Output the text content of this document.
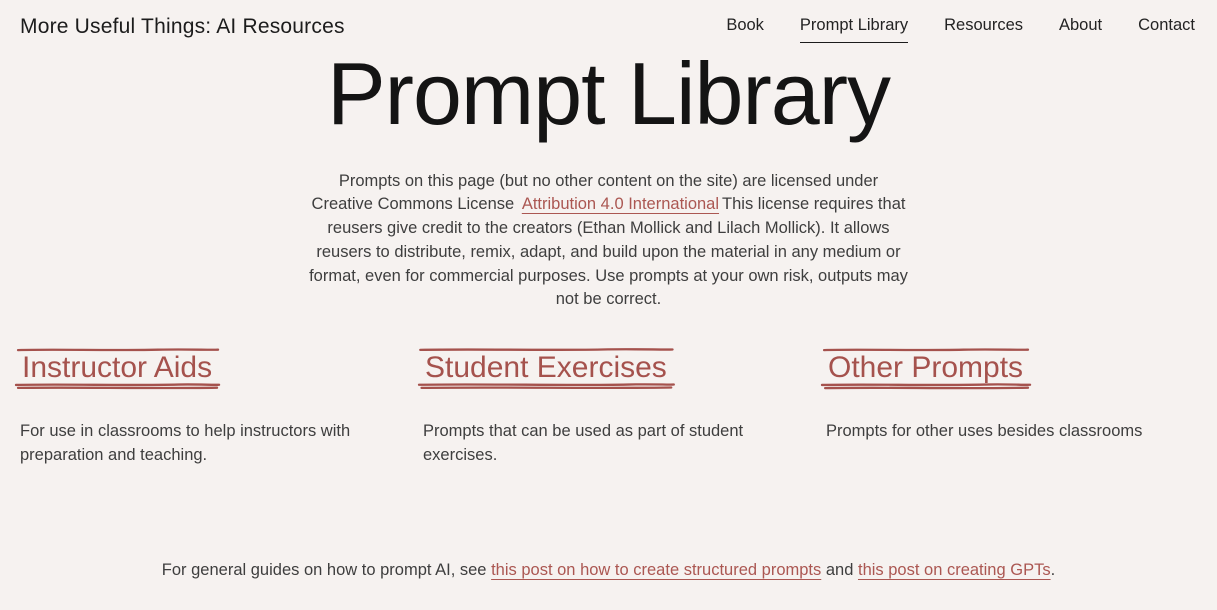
More Useful Things: AI Resources	Book Prompt Library Resources About Contact
Prompt Library

Prompts on this page (but no other content on the site) are licensed under Creative Commons License Attribution 4.0 International This license requires that reusers give credit to the creators (Ethan Mollick and Lilach Mollick). It allows reusers to distribute, remix, adapt, and build upon the material in any medium or format, even for commercial purposes. Use prompts at your own risk, outputs may not be correct.

Instructor Aids

For use in classrooms to help instructors with preparation and teaching.

Student Exercises

Prompts that can be used as part of student exercises.

Other Prompts

Prompts for other uses besides classrooms

For general guides on how to prompt AI, see this post on how to create structured prompts and this post on creating GPTs.
